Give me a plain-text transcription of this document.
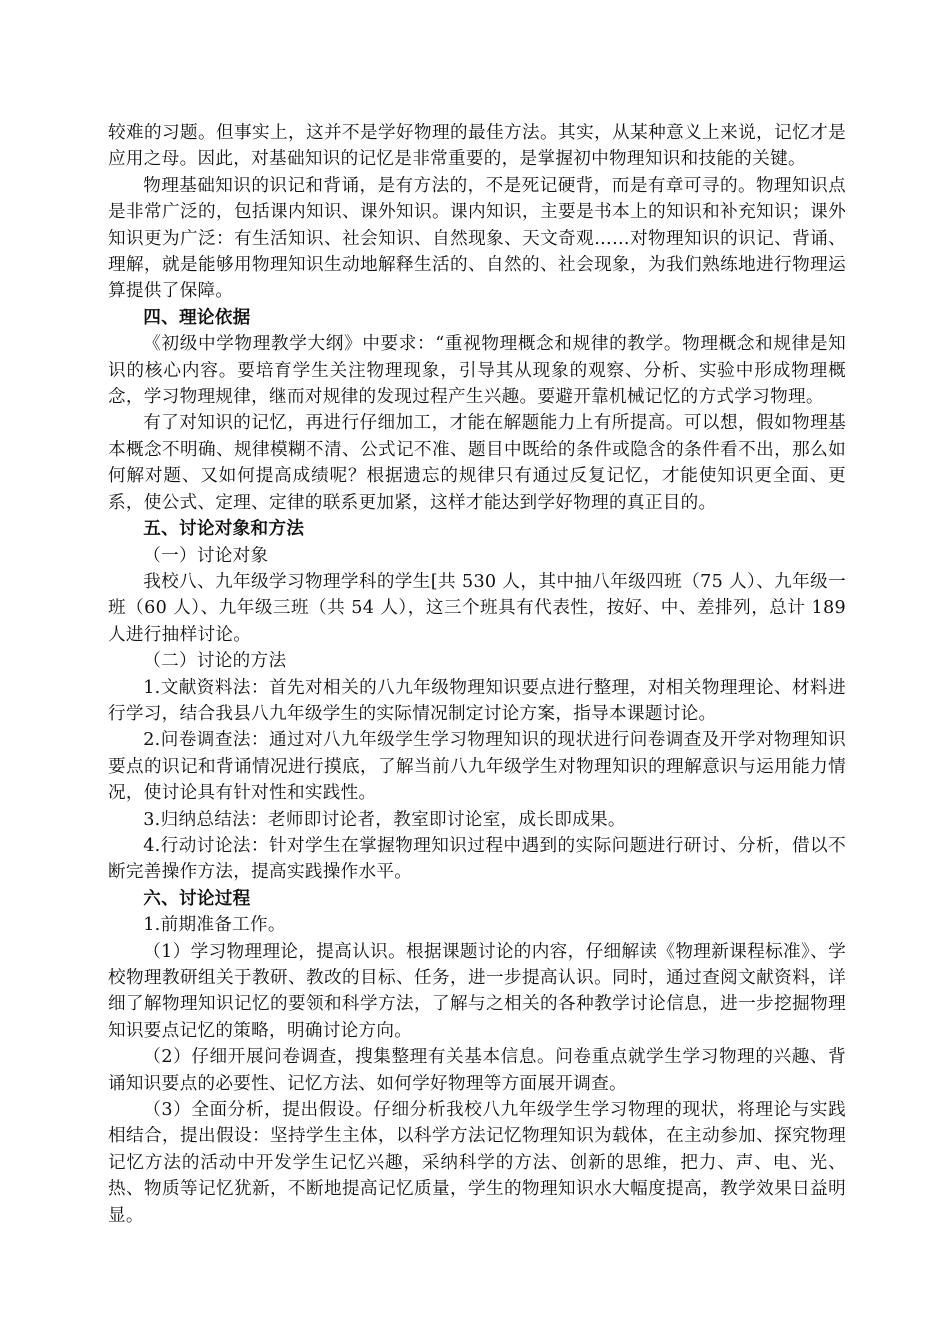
较难的习题。但事实上，这并不是学好物理的最佳方法。其实，从某种意义上来说，记忆才是应用之母。因此，对基础知识的记忆是非常重要的，是掌握初中物理知识和技能的关键。

物理基础知识的识记和背诵，是有方法的，不是死记硬背，而是有章可寻的。物理知识点是非常广泛的，包括课内知识、课外知识。课内知识，主要是书本上的知识和补充知识；课外知识更为广泛：有生活知识、社会知识、自然现象、天文奇观……对物理知识的识记、背诵、理解，就是能够用物理知识生动地解释生活的、自然的、社会现象，为我们熟练地进行物理运算提供了保障。

四、理论依据

《初级中学物理教学大纲》中要求：“重视物理概念和规律的教学。物理概念和规律是知识的核心内容。要培育学生关注物理现象，引导其从现象的观察、分析、实验中形成物理概念，学习物理规律，继而对规律的发现过程产生兴趣。要避开靠机械记忆的方式学习物理。

有了对知识的记忆，再进行仔细加工，才能在解题能力上有所提高。可以想，假如物理基本概念不明确、规律模糊不清、公式记不准、题目中既给的条件或隐含的条件看不出，那么如何解对题、又如何提高成绩呢？根据遗忘的规律只有通过反复记忆，才能使知识更全面、更系，使公式、定理、定律的联系更加紧，这样才能达到学好物理的真正目的。

五、讨论对象和方法

（一）讨论对象

我校八、九年级学习物理学科的学生[共 530 人，其中抽八年级四班（75 人）、九年级一班（60 人）、九年级三班（共 54 人），这三个班具有代表性，按好、中、差排列，总计 189 人进行抽样讨论。

（二）讨论的方法

1.文献资料法：首先对相关的八九年级物理知识要点进行整理，对相关物理理论、材料进行学习，结合我县八九年级学生的实际情况制定讨论方案，指导本课题讨论。

2.问卷调查法：通过对八九年级学生学习物理知识的现状进行问卷调查及开学对物理知识要点的识记和背诵情况进行摸底，了解当前八九年级学生对物理知识的理解意识与运用能力情况，使讨论具有针对性和实践性。

3.归纳总结法：老师即讨论者，教室即讨论室，成长即成果。

4.行动讨论法：针对学生在掌握物理知识过程中遇到的实际问题进行研讨、分析，借以不断完善操作方法，提高实践操作水平。

六、讨论过程

1.前期准备工作。

（1）学习物理理论，提高认识。根据课题讨论的内容，仔细解读《物理新课程标准》、学校物理教研组关于教研、教改的目标、任务，进一步提高认识。同时，通过查阅文献资料，详细了解物理知识记忆的要领和科学方法，了解与之相关的各种教学讨论信息，进一步挖掘物理知识要点记忆的策略，明确讨论方向。

（2）仔细开展问卷调查，搜集整理有关基本信息。问卷重点就学生学习物理的兴趣、背诵知识要点的必要性、记忆方法、如何学好物理等方面展开调查。

（3）全面分析，提出假设。仔细分析我校八九年级学生学习物理的现状，将理论与实践相结合，提出假设：坚持学生主体，以科学方法记忆物理知识为载体，在主动参加、探究物理记忆方法的活动中开发学生记忆兴趣，采纳科学的方法、创新的思维，把力、声、电、光、热、物质等记忆犹新，不断地提高记忆质量，学生的物理知识水大幅度提高，教学效果日益明显。
